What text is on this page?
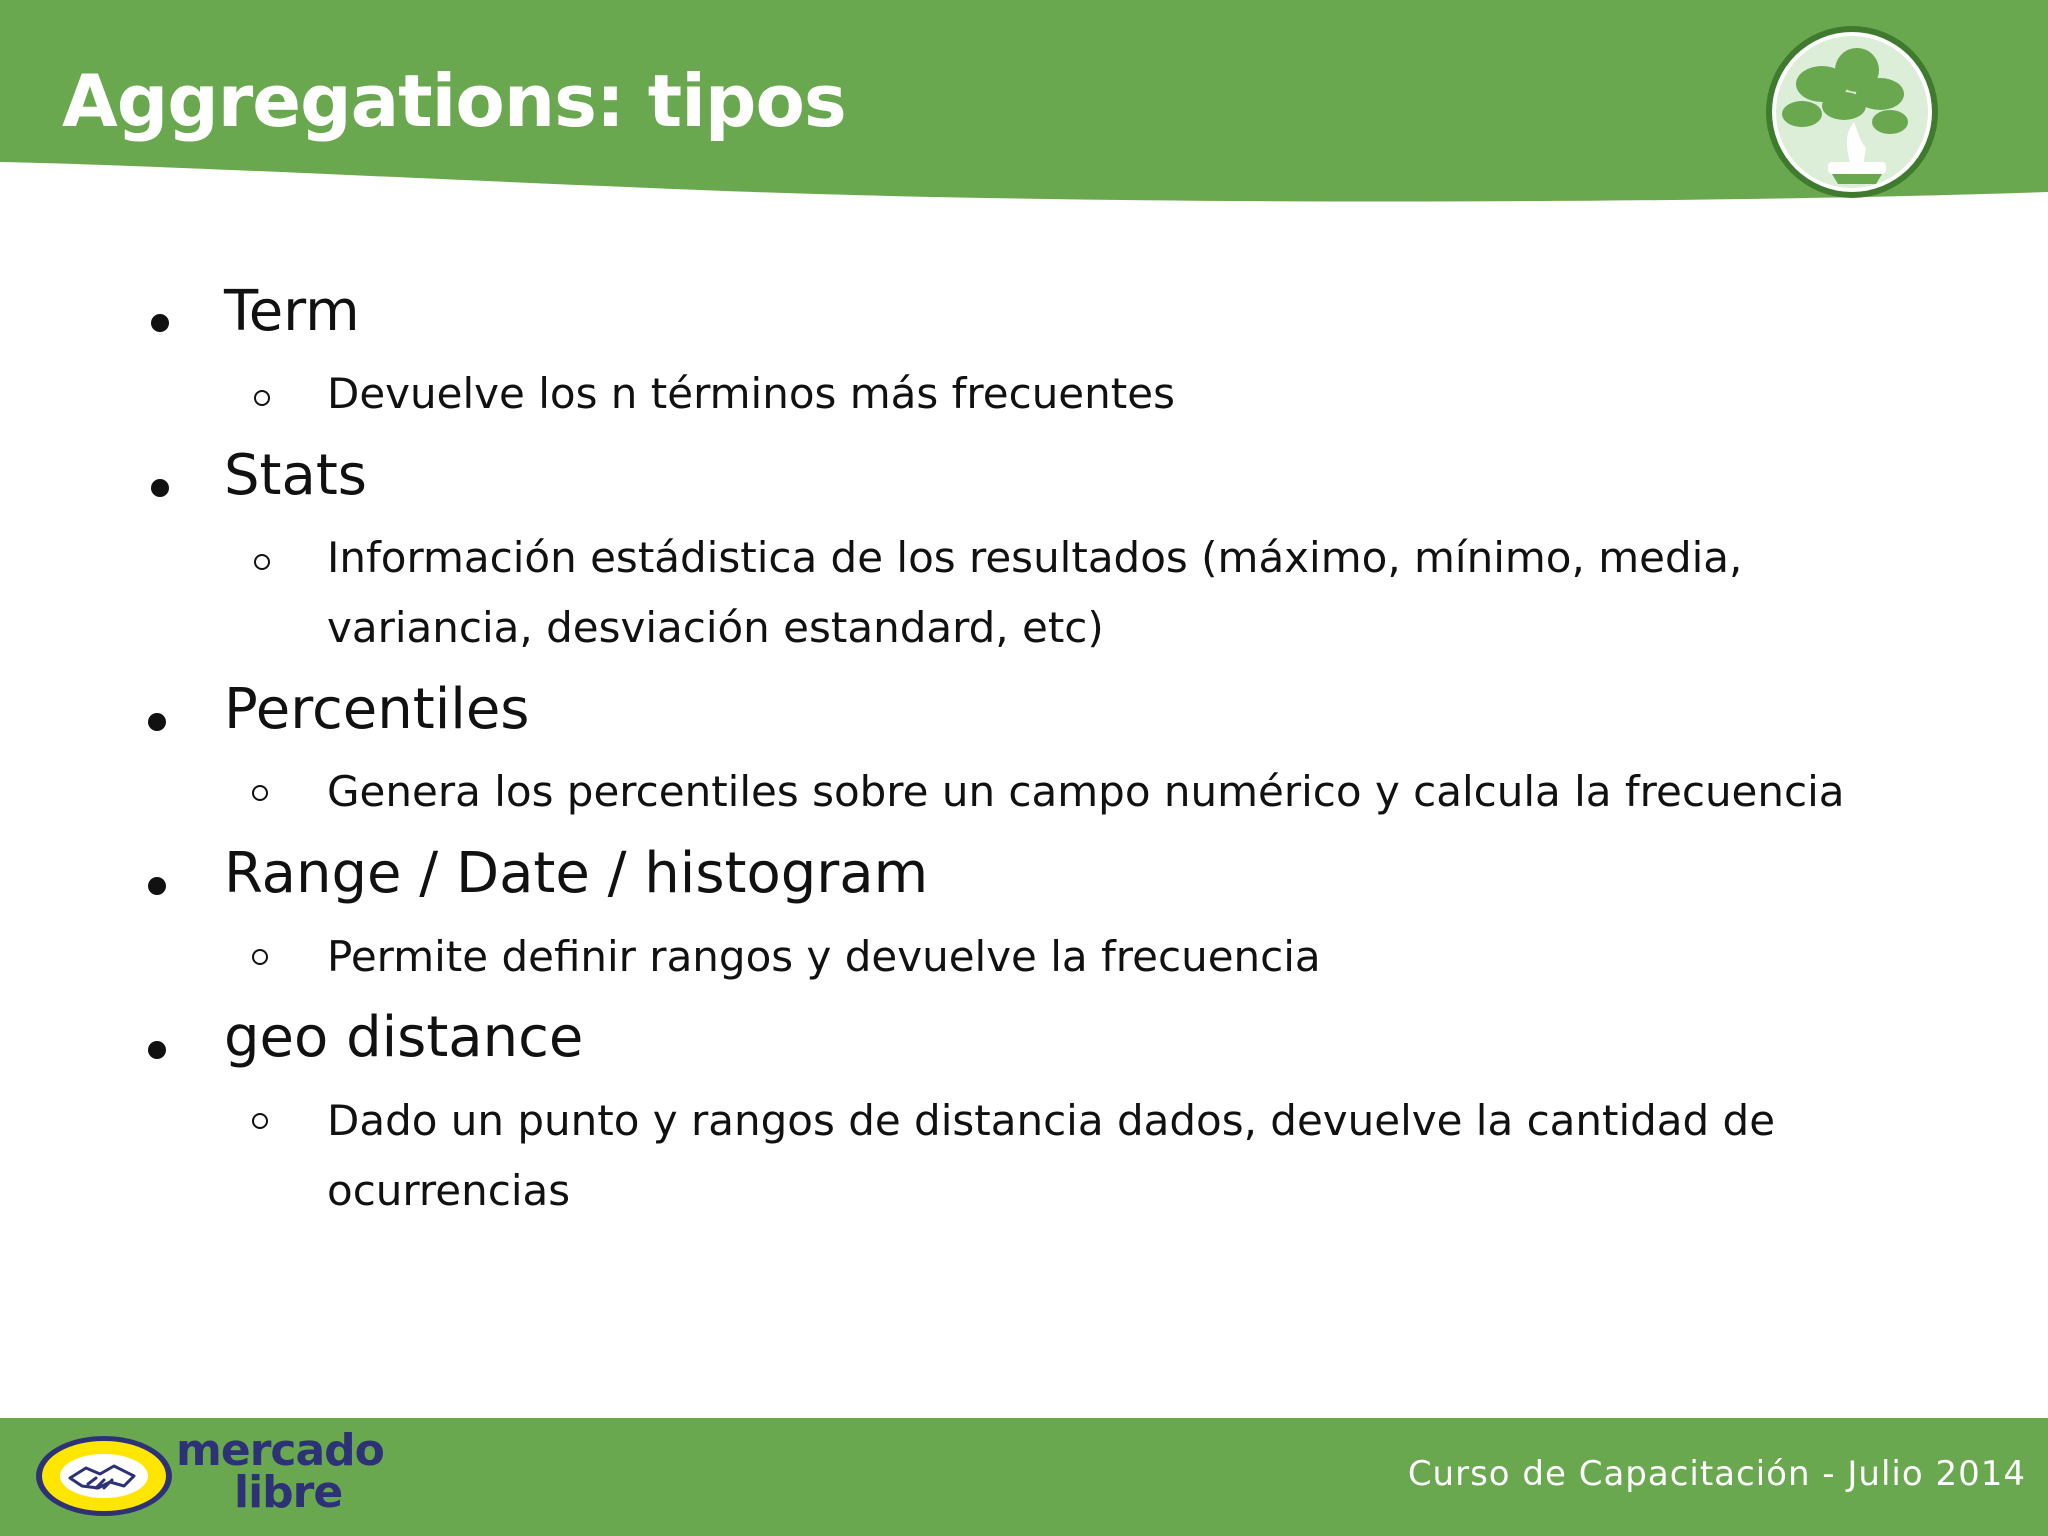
Aggregations: tipos
Term
Devuelve los n términos más frecuentes
Stats
Información estádistica de los resultados (máximo, mínimo, media,
variancia, desviación estandard, etc)
Percentiles
Genera los percentiles sobre un campo numérico y calcula la frecuencia
Range / Date / histogram
Permite definir rangos y devuelve la frecuencia
geo distance
Dado un punto y rangos de distancia dados, devuelve la cantidad de
ocurrencias
mercado
libre	Curso de Capacitación - Julio 2014
